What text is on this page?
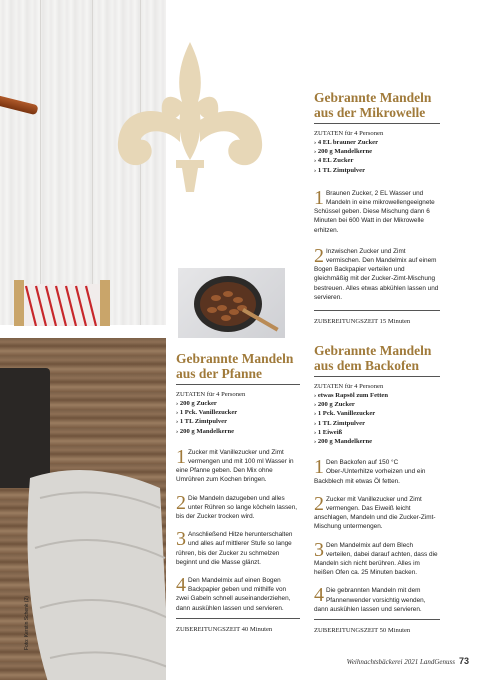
Foto: Kerstin Schenk (2)
Gebrannte Mandeln
aus der Mikrowelle
ZUTATEN für 4 Personen
› 4 EL brauner Zucker
› 200 g Mandelkerne
› 4 EL Zucker
› 1 TL Zimtpulver
1 Braunen Zucker, 2 EL Wasser und Mandeln in eine mikrowellengeeignete Schüssel geben. Diese Mischung dann 6 Minuten bei 600 Watt in der Mikrowelle erhitzen.
2 Inzwischen Zucker und Zimt vermischen. Den Mandelmix auf einem Bogen Backpapier verteilen und gleichmäßig mit der Zucker-Zimt-Mischung bestreuen. Alles etwas abkühlen lassen und servieren.
ZUBEREITUNGSZEIT 15 Minuten
Gebrannte Mandeln
aus der Pfanne
ZUTATEN für 4 Personen
› 200 g Zucker
› 1 Pck. Vanillezucker
› 1 TL Zimtpulver
› 200 g Mandelkerne
1 Zucker mit Vanillezucker und Zimt vermengen und mit 100 ml Wasser in eine Pfanne geben. Den Mix ohne Umrühren zum Kochen bringen.
2 Die Mandeln dazugeben und alles unter Rühren so lange köcheln lassen, bis der Zucker trocken wird.
3 Anschließend Hitze herunterschalten und alles auf mittlerer Stufe so lange rühren, bis der Zucker zu schmelzen beginnt und die Masse glänzt.
4 Den Mandelmix auf einen Bogen Backpapier geben und mithilfe von zwei Gabeln schnell auseinanderziehen, dann auskühlen lassen und servieren.
ZUBEREITUNGSZEIT 40 Minuten
Gebrannte Mandeln
aus dem Backofen
ZUTATEN für 4 Personen
› etwas Rapsöl zum Fetten
› 200 g Zucker
› 1 Pck. Vanillezucker
› 1 TL Zimtpulver
› 1 Eiweiß
› 200 g Mandelkerne
1 Den Backofen auf 150 °C Ober-/Unterhitze vorheizen und ein Backblech mit etwas Öl fetten.
2 Zucker mit Vanillezucker und Zimt vermengen. Das Eiweiß leicht anschlagen, Mandeln und die Zucker-Zimt-Mischung untermengen.
3 Den Mandelmix auf dem Blech verteilen, dabei darauf achten, dass die Mandeln sich nicht berühren. Alles im heißen Ofen ca. 25 Minuten backen.
4 Die gebrannten Mandeln mit dem Pfannenwender vorsichtig wenden, dann auskühlen lassen und servieren.
ZUBEREITUNGSZEIT 50 Minuten
Weihnachtsbäckerei 2021 LandGenuss 73
